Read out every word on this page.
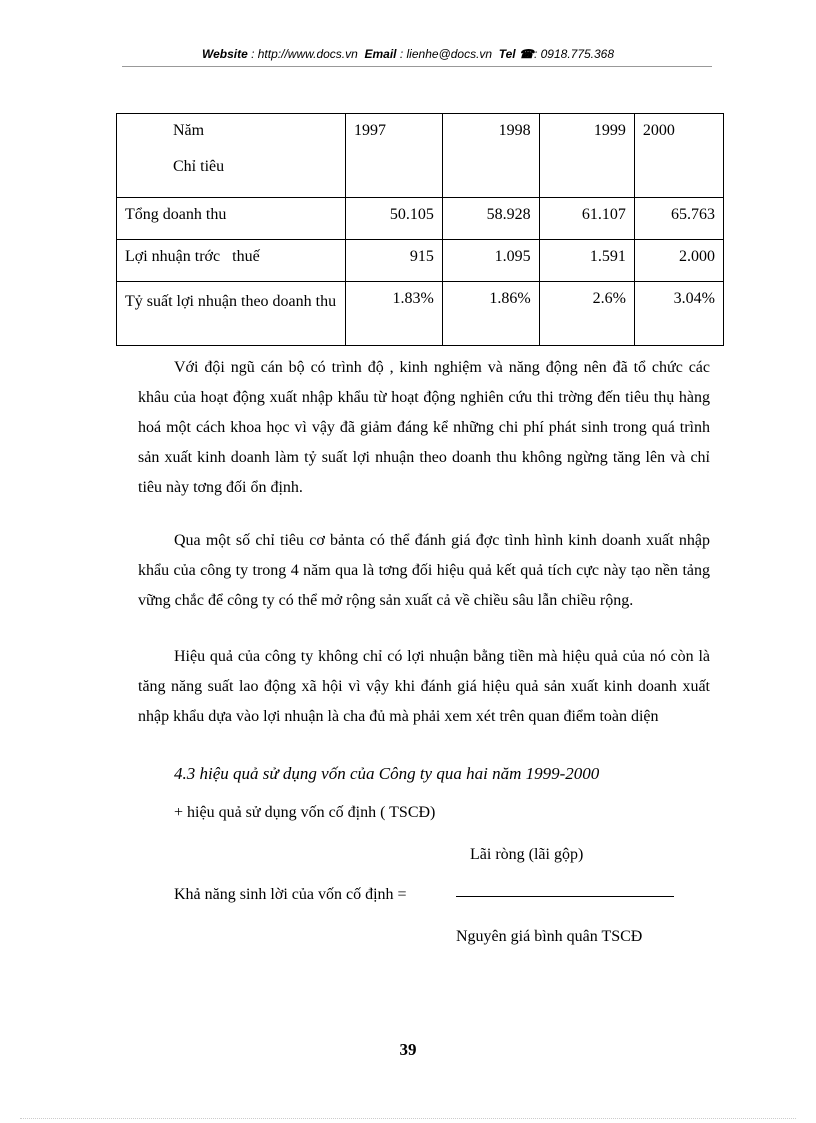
Website : http://www.docs.vn Email : lienhe@docs.vn Tel ☎: 0918.775.368
Năm
Chỉ tiêu	1997	1998	1999	2000
Tổng doanh thu	50.105	58.928	61.107	65.763
Lợi nhuận trớc   thuế	915	1.095	1.591	2.000
Tỷ suất lợi nhuận theo doanh thu	1.83%	1.86%	2.6%	3.04%

Với đội ngũ cán bộ có trình độ , kinh nghiệm và năng động nên đã tổ chức các khâu của hoạt động xuất nhập khẩu từ hoạt động nghiên cứu thi trờng đến tiêu thụ hàng hoá một cách khoa học vì vậy đã giảm đáng kể những chi phí phát sinh trong quá trình sản xuất kinh doanh làm tỷ suất lợi nhuận theo doanh thu không ngừng tăng lên và chỉ tiêu này tơng đối ổn định.

Qua một số chỉ tiêu cơ bảnta có thể đánh giá đợc tình hình kinh doanh xuất nhập khẩu của công ty trong 4 năm qua là tơng đối hiệu quả kết quả tích cực này tạo nền tảng vững chắc để công ty có thể mở rộng sản xuất cả về chiều sâu lẫn chiều rộng.

Hiệu quả của công ty không chỉ có lợi nhuận bằng tiền mà hiệu quả của nó còn là tăng năng suất lao động xã hội vì vậy khi đánh giá hiệu quả sản xuất kinh doanh xuất nhập khẩu dựa vào lợi nhuận là cha đủ mà phải xem xét trên quan điểm toàn diện

4.3 hiệu quả sử dụng vốn của Công ty qua hai năm 1999-2000

+ hiệu quả sử dụng vốn cố định ( TSCĐ)

Lãi ròng (lãi gộp)

Khả năng sinh lời của vốn cố định =

Nguyên giá bình quân TSCĐ

39
